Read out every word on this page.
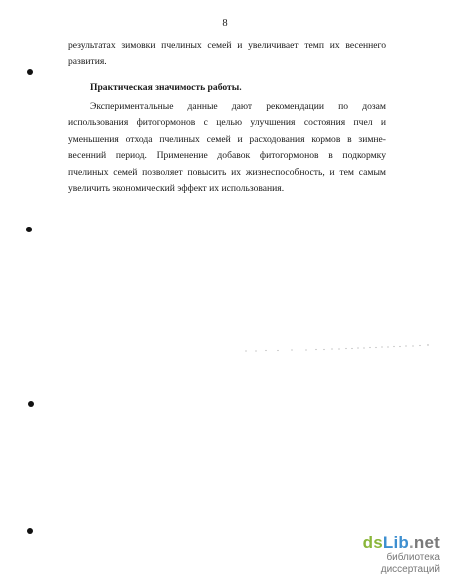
8
результатах зимовки пчелиных семей и увеличивает темп их весеннего
развития.
Практическая значимость работы.
Экспериментальные данные дают рекомендации по дозам
использования фитогормонов с целью улучшения состояния пчел и
уменьшения отхода пчелиных семей и расходования кормов в зимне-
весенний период. Применение добавок фитогормонов в подкормку
пчелиных семей позволяет повысить их жизнеспособность, и тем самым
увеличить экономический эффект их использования.
dsLib.net
библиотека диссертаций
